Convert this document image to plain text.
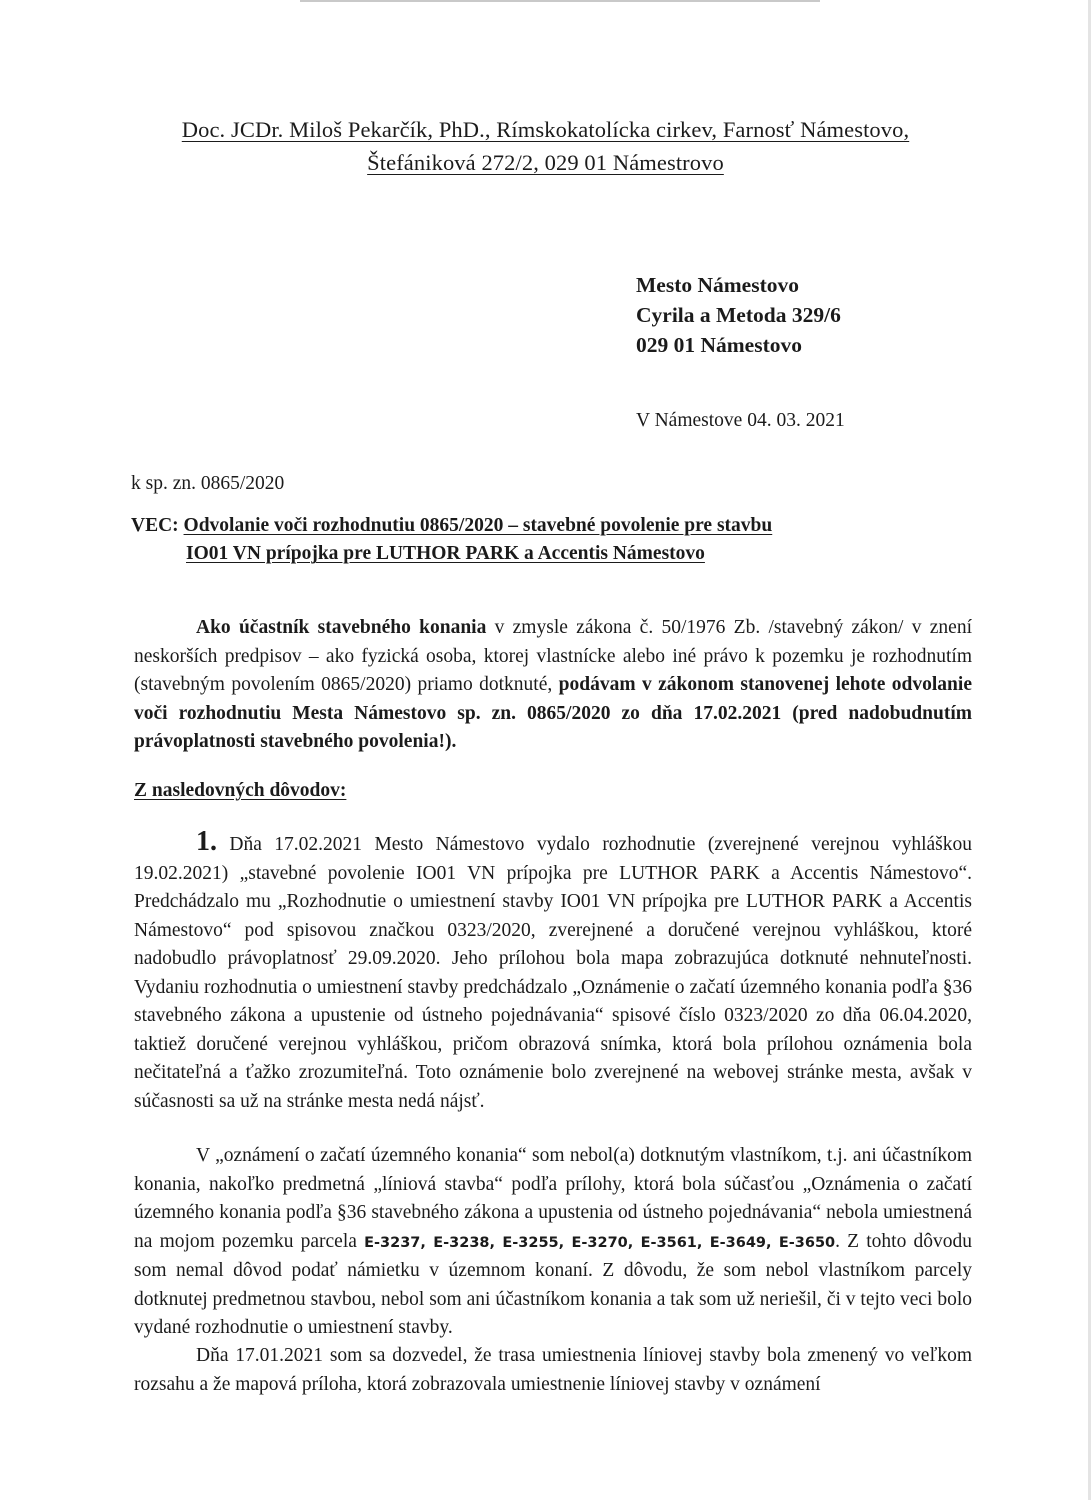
Doc. JCDr. Miloš Pekarčík, PhD., Rímskokatolícka cirkev, Farnosť Námestovo,
Štefániková 272/2, 029 01 Námestrovo
Mesto Námestovo
Cyrila a Metoda 329/6
029 01 Námestovo
V Námestove 04. 03. 2021
k sp. zn. 0865/2020
VEC: Odvolanie voči rozhodnutiu 0865/2020 – stavebné povolenie pre stavbu
IO01 VN prípojka pre LUTHOR PARK a Accentis Námestovo
Ako účastník stavebného konania v zmysle zákona č. 50/1976 Zb. /stavebný zákon/ v znení neskorších predpisov – ako fyzická osoba, ktorej vlastnícke alebo iné právo k pozemku je rozhodnutím (stavebným povolením 0865/2020) priamo dotknuté, podávam v zákonom stanovenej lehote odvolanie voči rozhodnutiu Mesta Námestovo sp. zn. 0865/2020 zo dňa 17.02.2021 (pred nadobudnutím právoplatnosti stavebného povolenia!).
Z nasledovných dôvodov:
1. Dňa 17.02.2021 Mesto Námestovo vydalo rozhodnutie (zverejnené verejnou vyhláškou 19.02.2021) „stavebné povolenie IO01 VN prípojka pre LUTHOR PARK a Accentis Námestovo“. Predchádzalo mu „Rozhodnutie o umiestnení stavby IO01 VN prípojka pre LUTHOR PARK a Accentis Námestovo“ pod spisovou značkou 0323/2020, zverejnené a doručené verejnou vyhláškou, ktoré nadobudlo právoplatnosť 29.09.2020. Jeho prílohou bola mapa zobrazujúca dotknuté nehnuteľnosti. Vydaniu rozhodnutia o umiestnení stavby predchádzalo „Oznámenie o začatí územného konania podľa §36 stavebného zákona a upustenie od ústneho pojednávania“ spisové číslo 0323/2020 zo dňa 06.04.2020, taktiež doručené verejnou vyhláškou, pričom obrazová snímka, ktorá bola prílohou oznámenia bola nečitateľná a ťažko zrozumiteľná. Toto oznámenie bolo zverejnené na webovej stránke mesta, avšak v súčasnosti sa už na stránke mesta nedá nájsť.
V „oznámení o začatí územného konania“ som nebol(a) dotknutým vlastníkom, t.j. ani účastníkom konania, nakoľko predmetná „líniová stavba“ podľa prílohy, ktorá bola súčasťou „Oznámenia o začatí územného konania podľa §36 stavebného zákona a upustenia od ústneho pojednávania“ nebola umiestnená na mojom pozemku parcela E-3237, E-3238, E-3255, E-3270, E-3561, E-3649, E-3650. Z tohto dôvodu som nemal dôvod podať námietku v územnom konaní. Z dôvodu, že som nebol vlastníkom parcely dotknutej predmetnou stavbou, nebol som ani účastníkom konania a tak som už neriešil, či v tejto veci bolo vydané rozhodnutie o umiestnení stavby.
Dňa 17.01.2021 som sa dozvedel, že trasa umiestnenia líniovej stavby bola zmenený vo veľkom rozsahu a že mapová príloha, ktorá zobrazovala umiestnenie líniovej stavby v oznámení
